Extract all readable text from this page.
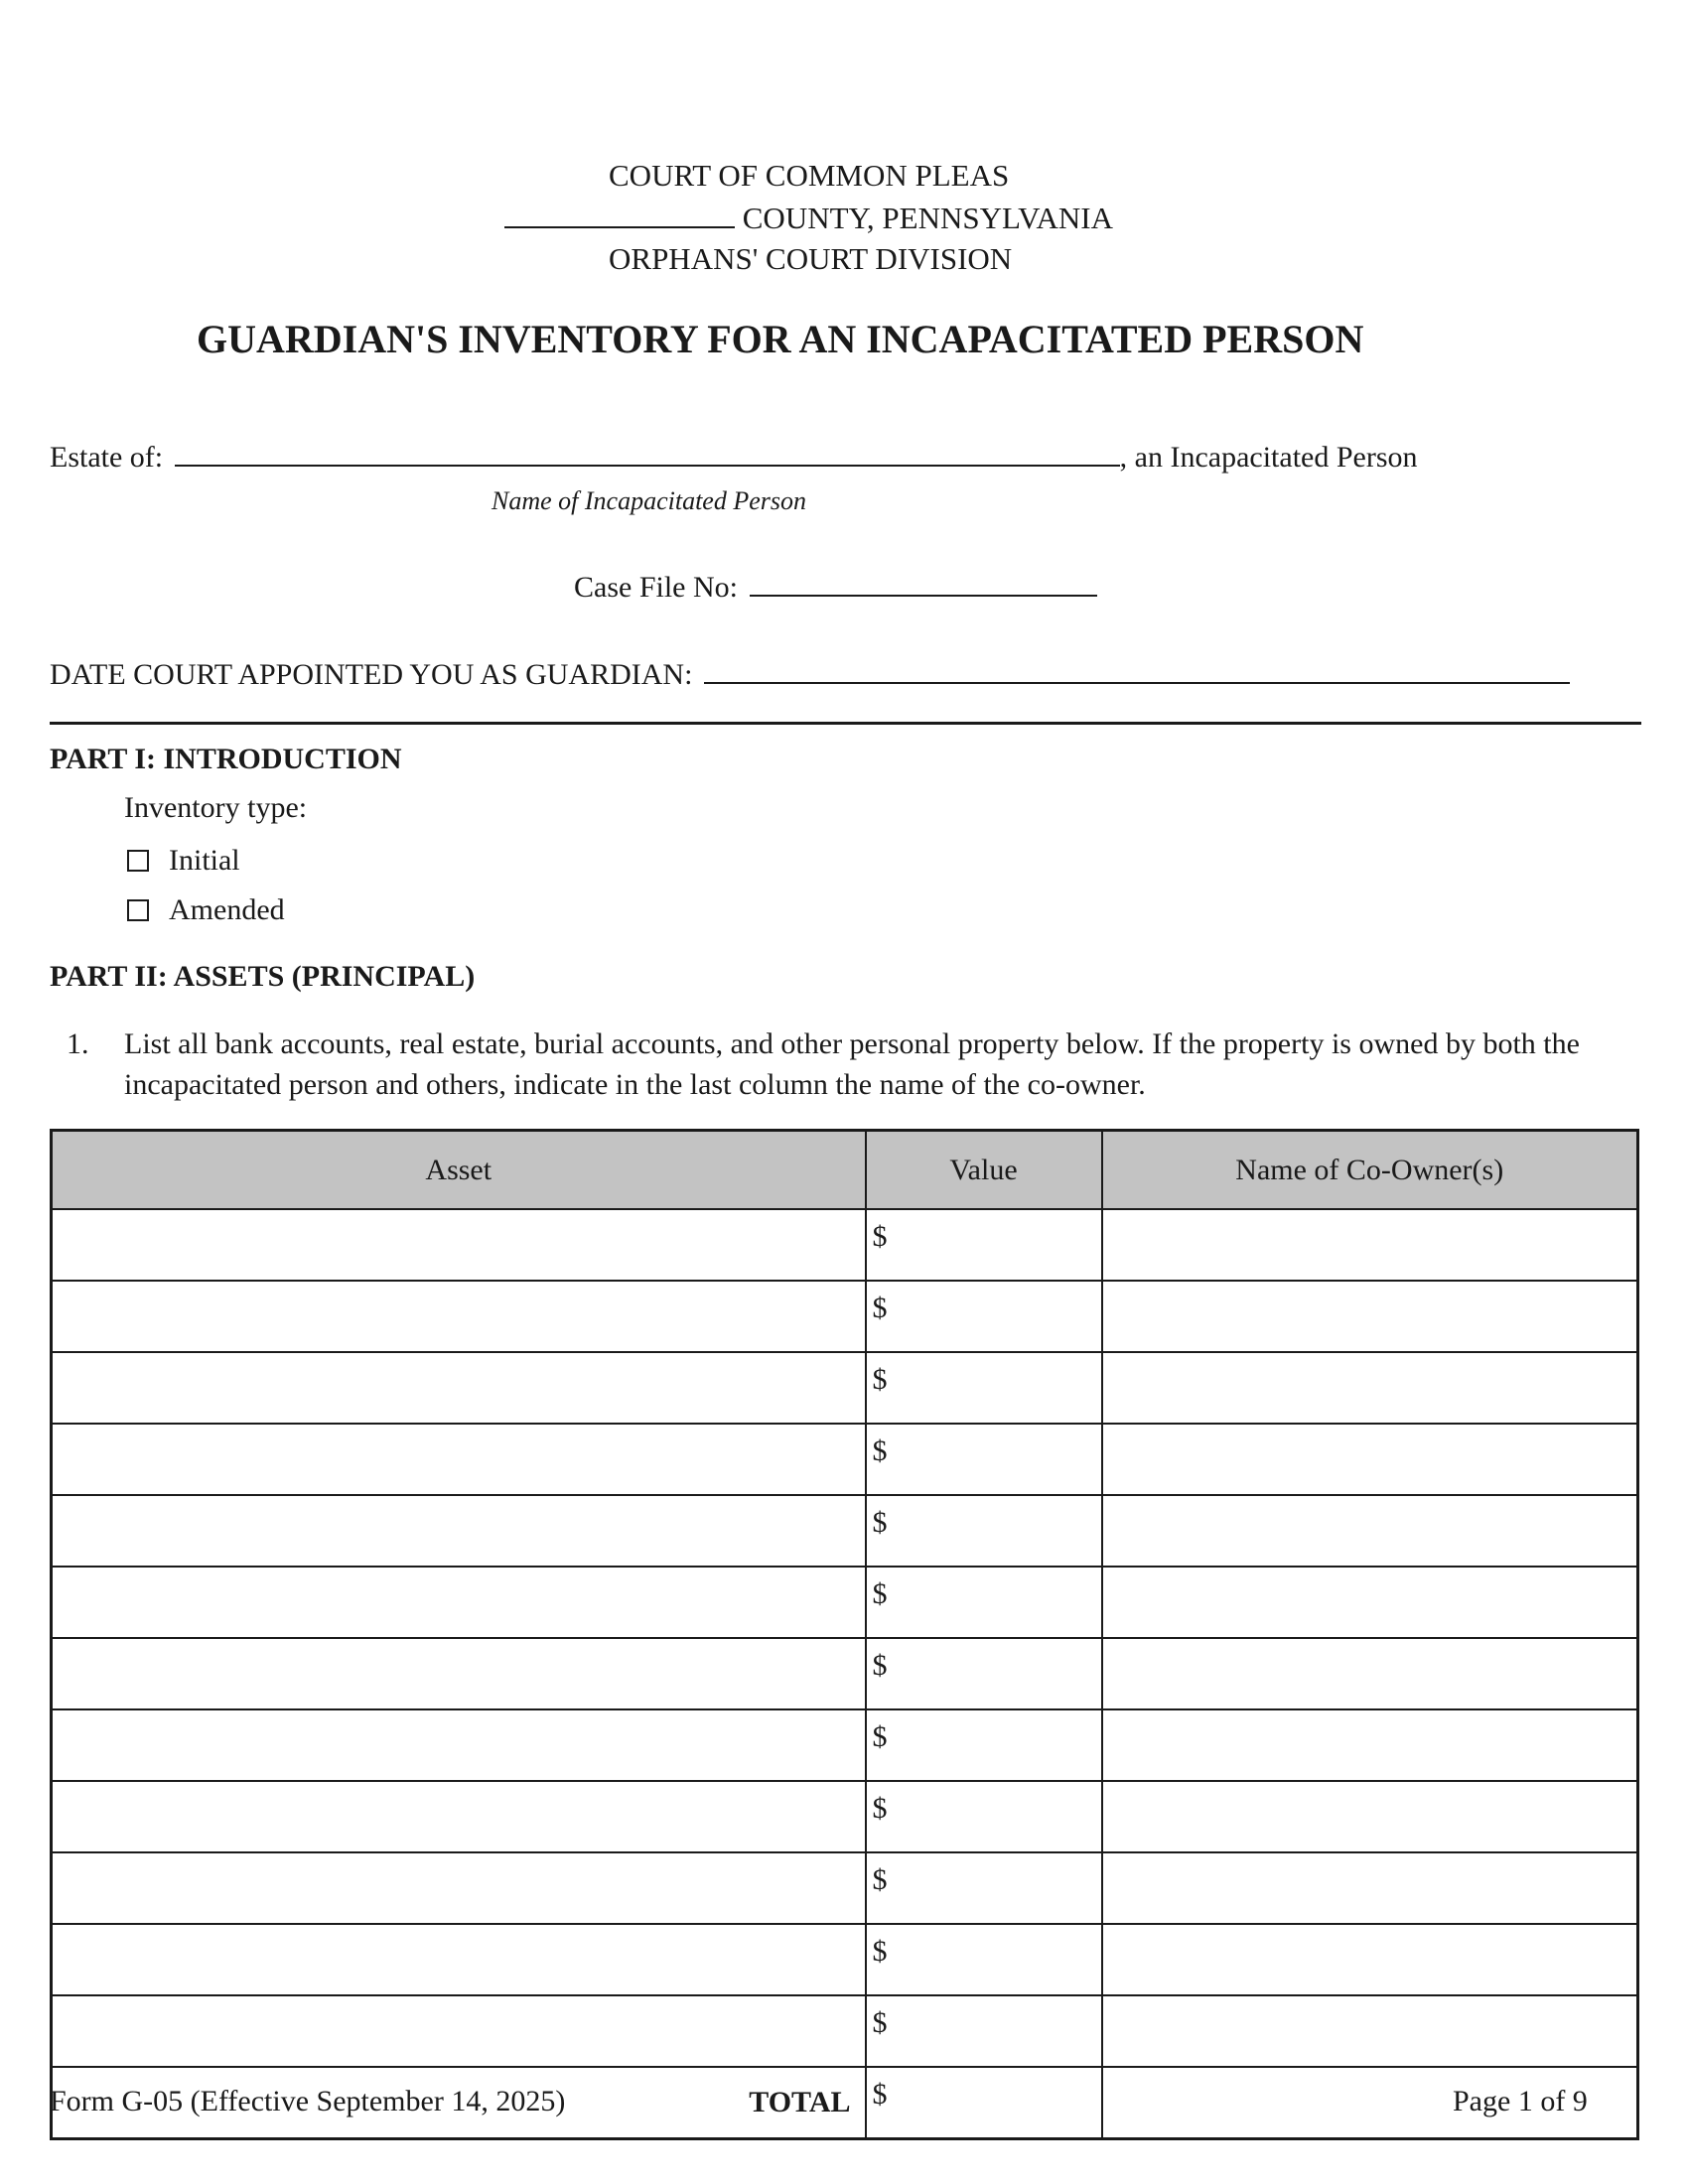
COURT OF COMMON PLEAS
COUNTY, PENNSYLVANIA
ORPHANS' COURT DIVISION
GUARDIAN'S INVENTORY FOR AN INCAPACITATED PERSON
Estate of:	, an Incapacitated Person
Name of Incapacitated Person
Case File No:
DATE COURT APPOINTED YOU AS GUARDIAN:
PART I: INTRODUCTION
Inventory type:
Initial
Amended
PART II: ASSETS (PRINCIPAL)
1. List all bank accounts, real estate, burial accounts, and other personal property below. If the property is owned by both the incapacitated person and others, indicate in the last column the name of the co-owner.
Asset	Value	Name of Co-Owner(s)
	$	
	$	
	$	
	$	
	$	
	$	
	$	
	$	
	$	
	$	
	$	
	$	
TOTAL	$	
Form G-05 (Effective September 14, 2025)	Page 1 of 9
